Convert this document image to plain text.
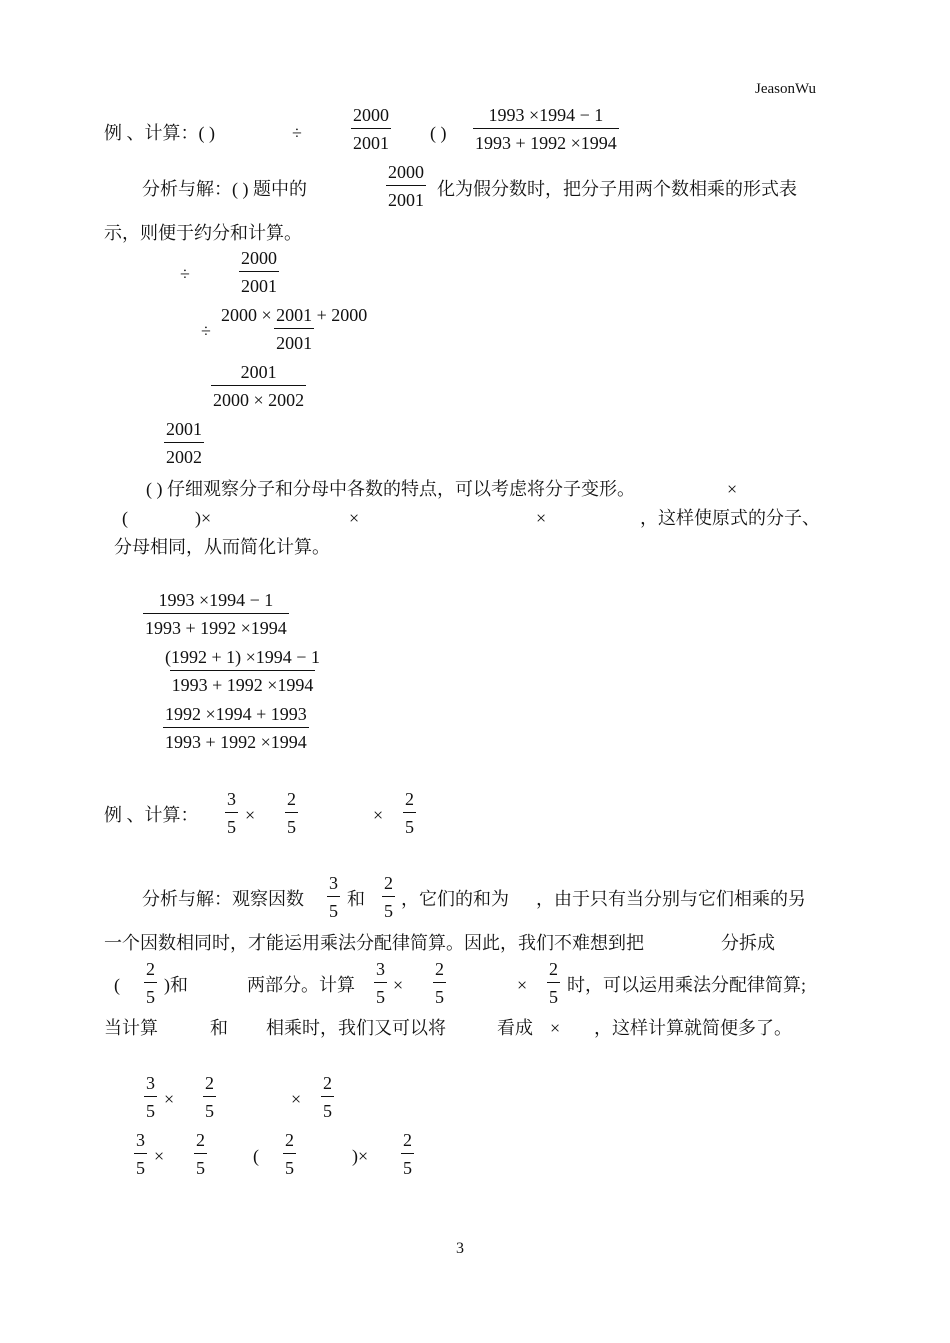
JeasonWu
例 、计算：( )	÷	$\frac{2000}{2001}$ ( ) $\frac{1993 \times 1994 - 1}{1993 + 1992 \times 1994}$
分析与解：( ) 题中的	$\frac{2000}{2001}$ 化为假分数时，把分子用两个数相乘的形式表
示，则便于约分和计算。
÷	$\frac{2000}{2001}$
÷ $\frac{2000 \times 2001 + 2000}{2001}$
$\frac{2001}{2000 \times 2002}$
$\frac{2001}{2002}$
( ) 仔细观察分子和分母中各数的特点，可以考虑将分子变形。	×
(	)×	×	×	，这样使原式的分子、
分母相同，从而简化计算。
$\frac{1993 \times 1994 - 1}{1993 + 1992 \times 1994}$
$\frac{(1992 + 1) \times 1994 - 1}{1993 + 1992 \times 1994}$
$\frac{1992 \times 1994 + 1993}{1993 + 1992 \times 1994}$
例 、计算： $\frac{3}{5} \times \frac{2}{5}$	× $\frac{2}{5}$
分析与解：观察因数 $\frac{3}{5}$ 和 $\frac{2}{5}$ ，它们的和为 ，由于只有当分别与它们相乘的另
一个因数相同时，才能运用乘法分配律简算。因此，我们不难想到把	分拆成
( $\frac{2}{5}$ )和	两部分。计算 $\frac{3}{5} \times \frac{2}{5}$	× $\frac{2}{5}$ 时，可以运用乘法分配律简算;
当计算	和 相乘时，我们又可以将	看成 × ，这样计算就简便多了。
$\frac{3}{5} \times \frac{2}{5}$	× $\frac{2}{5}$
$\frac{3}{5} \times \frac{2}{5}$	( $\frac{2}{5}$	)× $\frac{2}{5}$
3
